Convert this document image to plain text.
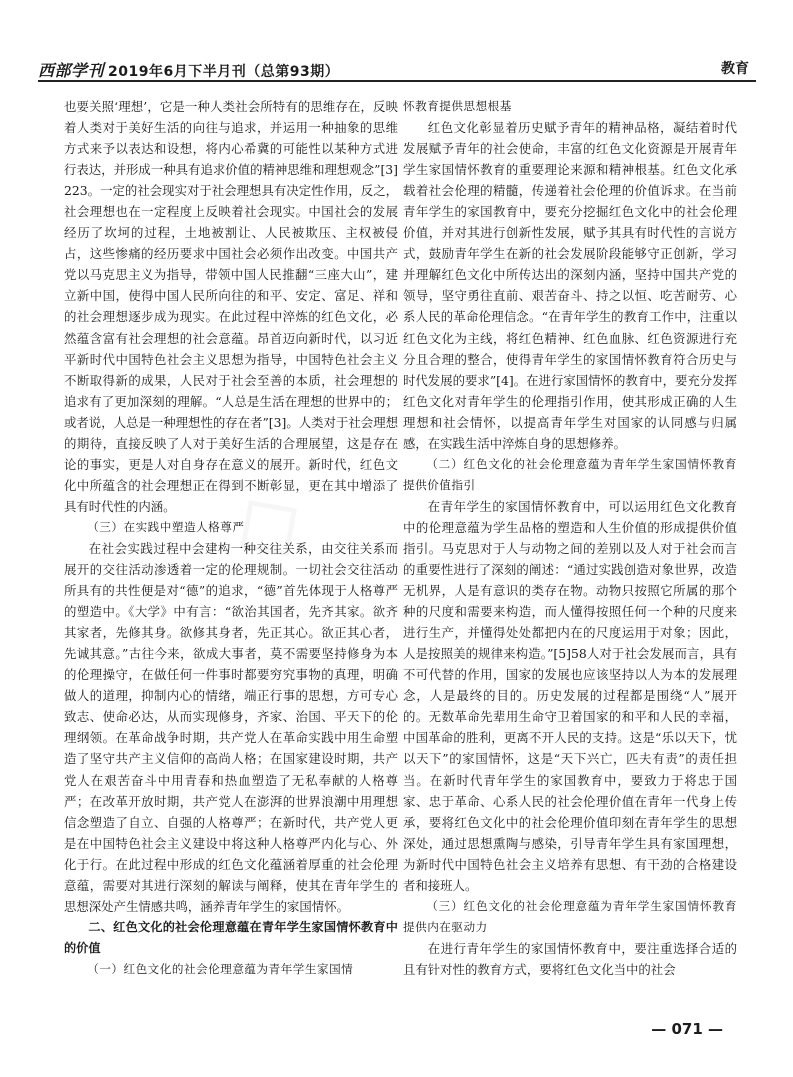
西部学刊 2019年6月下半月刊（总第93期）	教育

也要关照‘理想’，它是一种人类社会所特有的思维存在，反映着人类对于美好生活的向往与追求，并运用一种抽象的思维方式来予以表达和设想，将内心希冀的可能性以某种方式进行表达，并形成一种具有追求价值的精神思维和理想观念”[3]223。一定的社会现实对于社会理想具有决定性作用，反之，社会理想也在一定程度上反映着社会现实。中国社会的发展经历了坎坷的过程，土地被割让、人民被欺压、主权被侵占，这些惨痛的经历要求中国社会必须作出改变。中国共产党以马克思主义为指导，带领中国人民推翻“三座大山”，建立新中国，使得中国人民所向往的和平、安定、富足、祥和的社会理想逐步成为现实。在此过程中淬炼的红色文化，必然蕴含富有社会理想的社会意蕴。昂首迈向新时代，以习近平新时代中国特色社会主义思想为指导，中国特色社会主义不断取得新的成果，人民对于社会至善的本质，社会理想的追求有了更加深刻的理解。“人总是生活在理想的世界中的；或者说，人总是一种理想性的存在者”[3]。人类对于社会理想的期待，直接反映了人对于美好生活的合理展望，这是存在论的事实，更是人对自身存在意义的展开。新时代，红色文化中所蕴含的社会理想正在得到不断彰显，更在其中增添了具有时代性的内涵。

（三）在实践中塑造人格尊严

在社会实践过程中会建构一种交往关系，由交往关系而展开的交往活动渗透着一定的伦理规制。一切社会交往活动所具有的共性便是对“德”的追求，“德”首先体现于人格尊严的塑造中。《大学》中有言：“欲治其国者，先齐其家。欲齐其家者，先修其身。欲修其身者，先正其心。欲正其心者，先诚其意。”古往今来，欲成大事者，莫不需要坚持修身为本的伦理操守，在做任何一件事时都要穷究事物的真理，明确做人的道理，抑制内心的情绪，端正行事的思想，方可专心致志、使命必达，从而实现修身，齐家、治国、平天下的伦理纲领。在革命战争时期，共产党人在革命实践中用生命塑造了坚守共产主义信仰的高尚人格；在国家建设时期，共产党人在艰苦奋斗中用青春和热血塑造了无私奉献的人格尊严；在改革开放时期，共产党人在澎湃的世界浪潮中用理想信念塑造了自立、自强的人格尊严；在新时代，共产党人更是在中国特色社会主义建设中将这种人格尊严内化与心、外化于行。在此过程中形成的红色文化蕴涵着厚重的社会伦理意蕴，需要对其进行深刻的解读与阐释，使其在青年学生的思想深处产生情感共鸣，涵养青年学生的家国情怀。

二、红色文化的社会伦理意蕴在青年学生家国情怀教育中的价值

（一）红色文化的社会伦理意蕴为青年学生家国情

怀教育提供思想根基

红色文化彰显着历史赋予青年的精神品格，凝结着时代发展赋予青年的社会使命，丰富的红色文化资源是开展青年学生家国情怀教育的重要理论来源和精神根基。红色文化承载着社会伦理的精髓，传递着社会伦理的价值诉求。在当前青年学生的家国教育中，要充分挖掘红色文化中的社会伦理价值，并对其进行创新性发展，赋予其具有时代性的言说方式，鼓励青年学生在新的社会发展阶段能够守正创新，学习并理解红色文化中所传达出的深刻内涵，坚持中国共产党的领导，坚守勇往直前、艰苦奋斗、持之以恒、吃苦耐劳、心系人民的革命伦理信念。“在青年学生的教育工作中，注重以红色文化为主线，将红色精神、红色血脉、红色资源进行充分且合理的整合，使得青年学生的家国情怀教育符合历史与时代发展的要求”[4]。在进行家国情怀的教育中，要充分发挥红色文化对青年学生的伦理指引作用，使其形成正确的人生理想和社会情怀，以提高青年学生对国家的认同感与归属感，在实践生活中淬炼自身的思想修养。

（二）红色文化的社会伦理意蕴为青年学生家国情怀教育提供价值指引

在青年学生的家国情怀教育中，可以运用红色文化教育中的伦理意蕴为学生品格的塑造和人生价值的形成提供价值指引。马克思对于人与动物之间的差别以及人对于社会而言的重要性进行了深刻的阐述：“通过实践创造对象世界，改造无机界，人是有意识的类存在物。动物只按照它所属的那个种的尺度和需要来构造，而人懂得按照任何一个种的尺度来进行生产，并懂得处处都把内在的尺度运用于对象；因此，人是按照美的规律来构造。”[5]58人对于社会发展而言，具有不可代替的作用，国家的发展也应该坚持以人为本的发展理念，人是最终的目的。历史发展的过程都是围绕“人”展开的。无数革命先辈用生命守卫着国家的和平和人民的幸福，中国革命的胜利，更离不开人民的支持。这是“乐以天下，忧以天下”的家国情怀，这是“天下兴亡，匹夫有责”的责任担当。在新时代青年学生的家国教育中，要致力于将忠于国家、忠于革命、心系人民的社会伦理价值在青年一代身上传承，要将红色文化中的社会伦理价值印刻在青年学生的思想深处，通过思想熏陶与感染，引导青年学生具有家国理想，为新时代中国特色社会主义培养有思想、有干劲的合格建设者和接班人。

（三）红色文化的社会伦理意蕴为青年学生家国情怀教育提供内在驱动力

在进行青年学生的家国情怀教育中，要注重选择合适的且有针对性的教育方式，要将红色文化当中的社会

— 071 —
